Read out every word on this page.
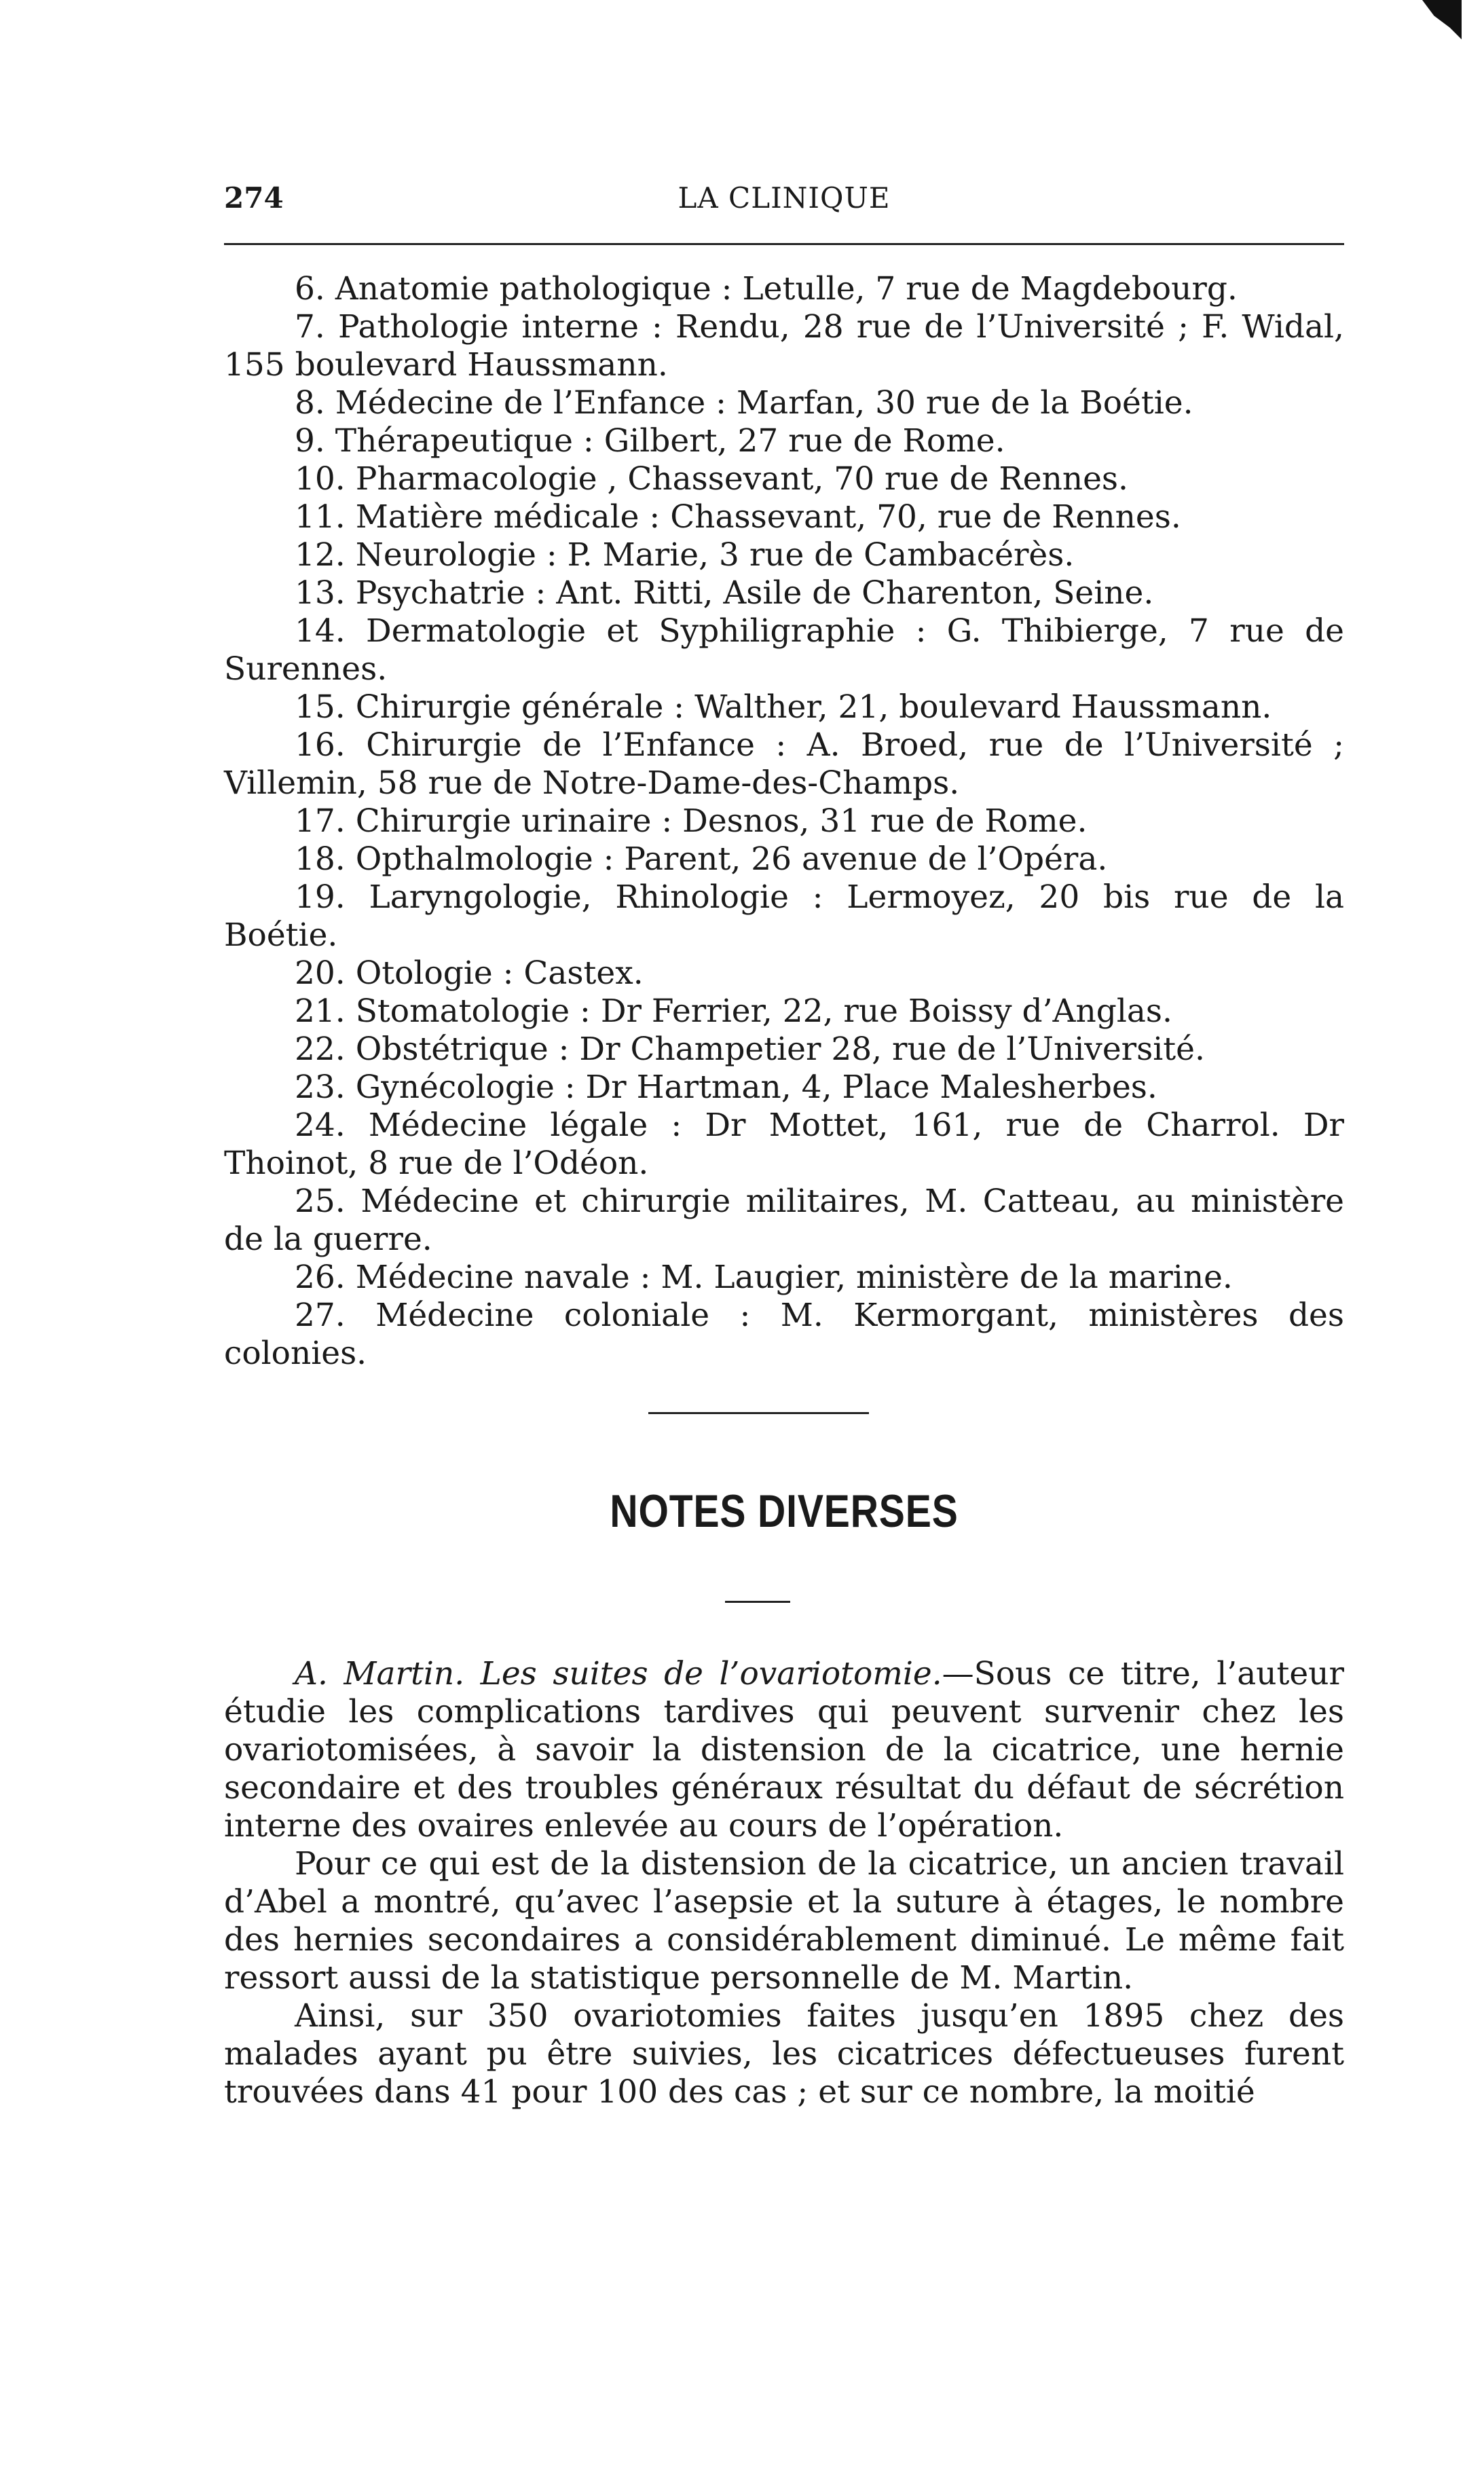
274	LA CLINIQUE

6. Anatomie pathologique : Letulle, 7 rue de Magdebourg.

7. Pathologie interne : Rendu, 28 rue de l’Université ; F. Widal, 155 boulevard Haussmann.

8. Médecine de l’Enfance : Marfan, 30 rue de la Boétie.

9. Thérapeutique : Gilbert, 27 rue de Rome.

10. Pharmacologie , Chassevant, 70 rue de Rennes.

11. Matière médicale : Chassevant, 70, rue de Rennes.

12. Neurologie : P. Marie, 3 rue de Cambacérès.

13. Psychatrie : Ant. Ritti, Asile de Charenton, Seine.

14. Dermatologie et Syphiligraphie : G. Thibierge, 7 rue de Surennes.

15. Chirurgie générale : Walther, 21, boulevard Haussmann.

16. Chirurgie de l’Enfance : A. Broed, rue de l’Université ; Villemin, 58 rue de Notre-Dame-des-Champs.

17. Chirurgie urinaire : Desnos, 31 rue de Rome.

18. Opthalmologie : Parent, 26 avenue de l’Opéra.

19. Laryngologie, Rhinologie : Lermoyez, 20 bis rue de la Boétie.

20. Otologie : Castex.

21. Stomatologie : Dr Ferrier, 22, rue Boissy d’Anglas.

22. Obstétrique : Dr Champetier 28, rue de l’Université.

23. Gynécologie : Dr Hartman, 4, Place Malesherbes.

24. Médecine légale : Dr Mottet, 161, rue de Charrol. Dr Thoinot, 8 rue de l’Odéon.

25. Médecine et chirurgie militaires, M. Catteau, au ministère de la guerre.

26. Médecine navale : M. Laugier, ministère de la marine.

27. Médecine coloniale : M. Kermorgant, ministères des colonies.

NOTES DIVERSES

A. Martin. Les suites de l’ovariotomie.—Sous ce titre, l’auteur étudie les complications tardives qui peuvent survenir chez les ovariotomisées, à savoir la distension de la cicatrice, une hernie secondaire et des troubles généraux résultat du défaut de sécrétion interne des ovaires enlevée au cours de l’opération.

Pour ce qui est de la distension de la cicatrice, un ancien travail d’Abel a montré, qu’avec l’asepsie et la suture à étages, le nombre des hernies secondaires a considérablement diminué. Le même fait ressort aussi de la statistique personnelle de M. Martin.

Ainsi, sur 350 ovariotomies faites jusqu’en 1895 chez des malades ayant pu être suivies, les cicatrices défectueuses furent trouvées dans 41 pour 100 des cas ; et sur ce nombre, la moitié
